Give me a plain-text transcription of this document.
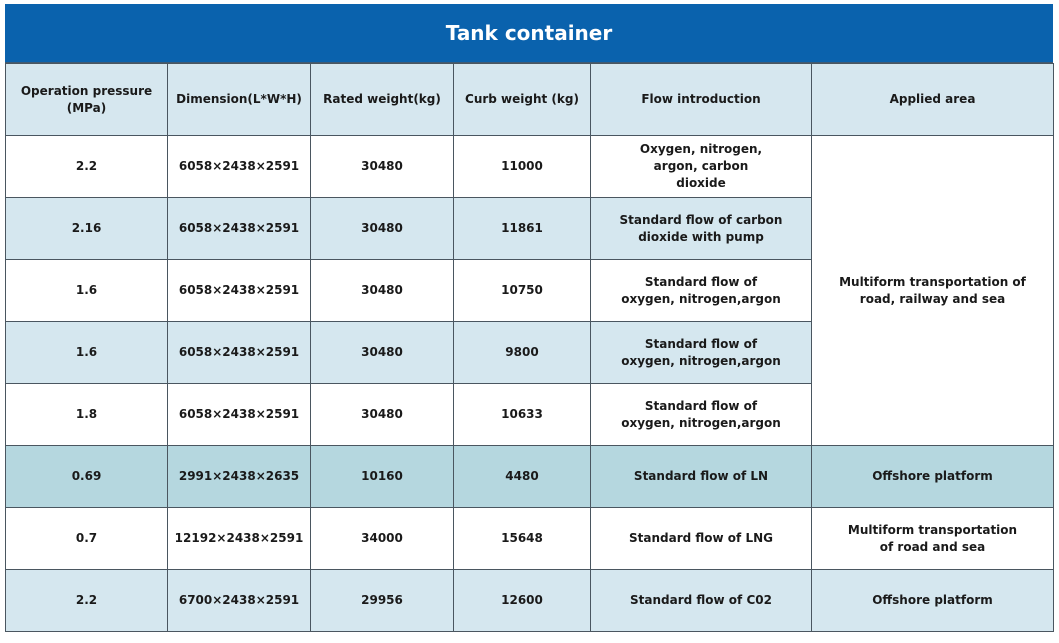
Tank container
Operation pressure (MPa)	Dimension(L*W*H)	Rated weight(kg)	Curb weight (kg)	Flow introduction	Applied area
2.2	6058×2438×2591	30480	11000	Oxygen, nitrogen, argon, carbon dioxide	Multiform transportation of road, railway and sea
2.16	6058×2438×2591	30480	11861	Standard flow of carbon dioxide with pump	
1.6	6058×2438×2591	30480	10750	Standard flow of oxygen, nitrogen,argon	
1.6	6058×2438×2591	30480	9800	Standard flow of oxygen, nitrogen,argon	
1.8	6058×2438×2591	30480	10633	Standard flow of oxygen, nitrogen,argon	
0.69	2991×2438×2635	10160	4480	Standard flow of LN	Offshore platform
0.7	12192×2438×2591	34000	15648	Standard flow of LNG	Multiform transportation of road and sea
2.2	6700×2438×2591	29956	12600	Standard flow of C02	Offshore platform
